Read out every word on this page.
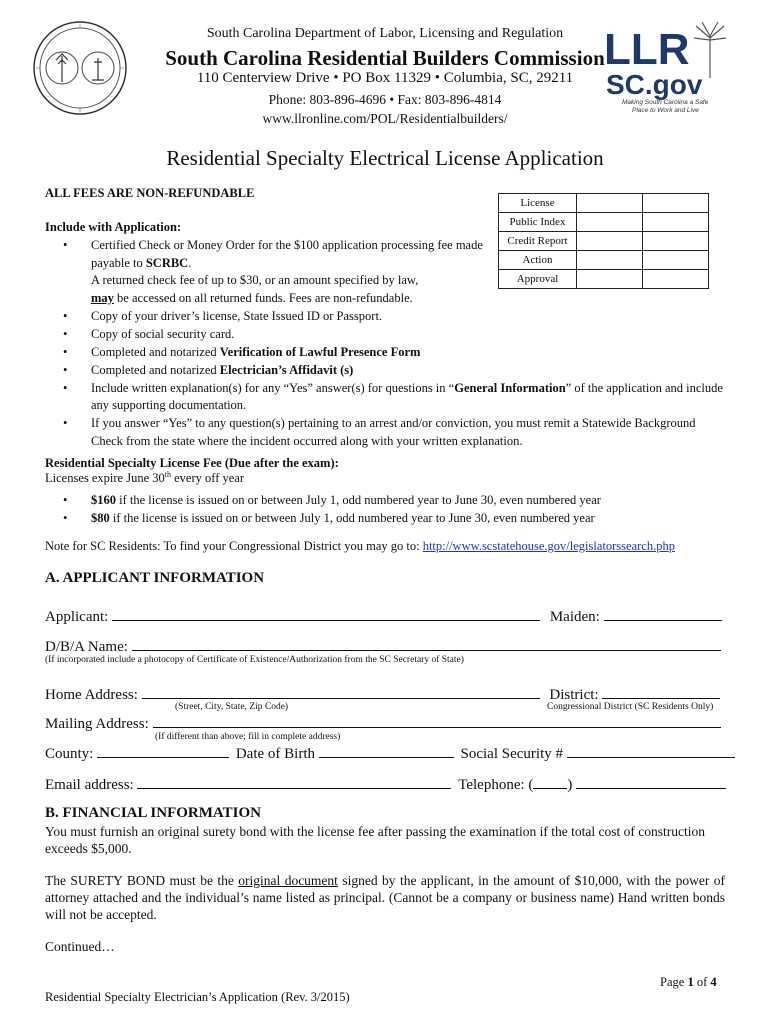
South Carolina Department of Labor, Licensing and Regulation
South Carolina Residential Builders Commission
110 Centerview Drive • PO Box 11329 • Columbia, SC, 29211
Phone: 803-896-4696 • Fax: 803-896-4814
www.llronline.com/POL/Residentialbuilders/
LLR
SC.gov
Making South Carolina a Safe
Place to Work and Live
Residential Specialty Electrical License Application
ALL FEES ARE NON-REFUNDABLE
Include with Application:
License		
Public Index		
Credit Report		
Action		
Approval		
• Certified Check or Money Order for the $100 application processing fee made payable to SCRBC.
A returned check fee of up to $30, or an amount specified by law,
may be accessed on all returned funds. Fees are non-refundable.
• Copy of your driver’s license, State Issued ID or Passport.
• Copy of social security card.
• Completed and notarized Verification of Lawful Presence Form
• Completed and notarized Electrician’s Affidavit (s)
• Include written explanation(s) for any “Yes” answer(s) for questions in “General Information” of the application and include any supporting documentation.
• If you answer “Yes” to any question(s) pertaining to an arrest and/or conviction, you must remit a Statewide Background Check from the state where the incident occurred along with your written explanation.
Residential Specialty License Fee (Due after the exam):
Licenses expire June 30th every off year
• $160 if the license is issued on or between July 1, odd numbered year to June 30, even numbered year
• $80 if the license is issued on or between July 1, odd numbered year to June 30, even numbered year
Note for SC Residents: To find your Congressional District you may go to: http://www.scstatehouse.gov/legislatorssearch.php
A. APPLICANT INFORMATION
Applicant:	Maiden:
D/B/A Name:
(If incorporated include a photocopy of Certificate of Existence/Authorization from the SC Secretary of State)
Home Address:	District:
(Street, City, State, Zip Code)	Congressional District (SC Residents Only)
Mailing Address:
(If different than above; fill in complete address)
County:	Date of Birth	Social Security #
Email address:	Telephone: ( )
B. FINANCIAL INFORMATION
You must furnish an original surety bond with the license fee after passing the examination if the total cost of construction exceeds $5,000.
The SURETY BOND must be the original document signed by the applicant, in the amount of $10,000, with the power of attorney attached and the individual’s name listed as principal. (Cannot be a company or business name) Hand written bonds will not be accepted.
Continued…
Page 1 of 4
Residential Specialty Electrician’s Application (Rev. 3/2015)
